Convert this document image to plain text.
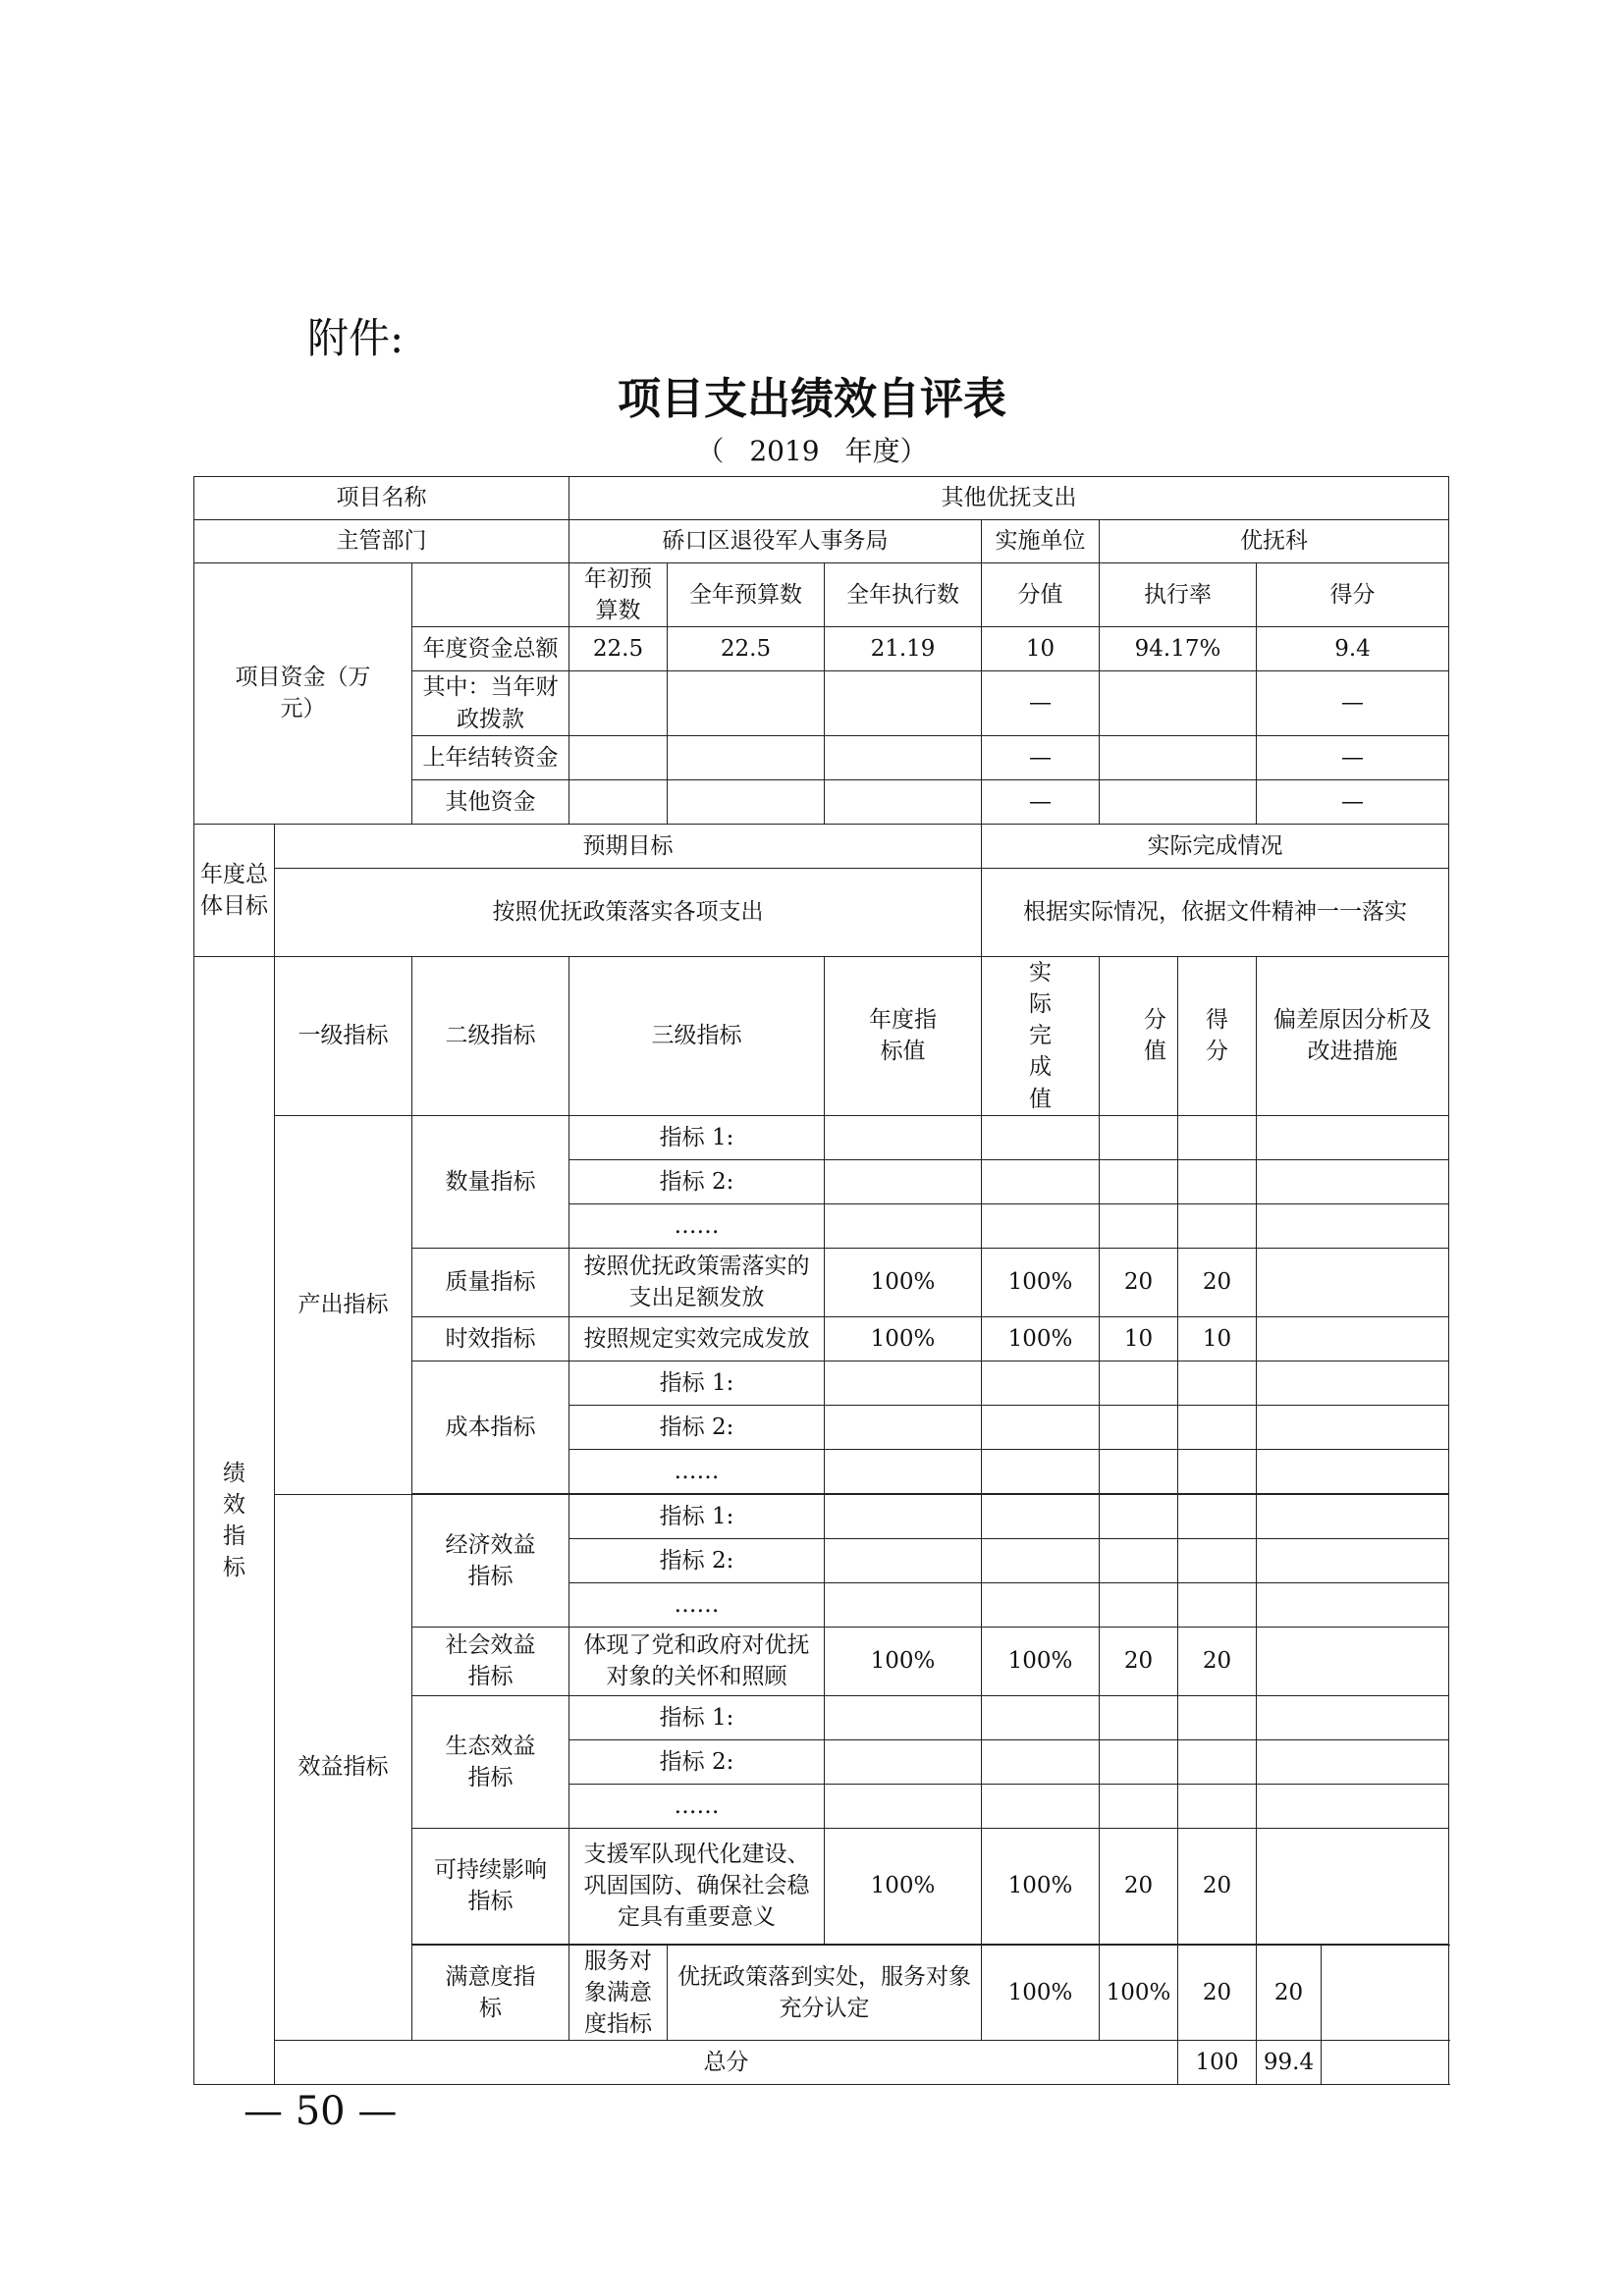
附件:
项目支出绩效自评表
（ 2019 年度）
项目名称			其他优抚支出							
主管部门			硚口区退役军人事务局			实施单位	优抚科			
项目资金（万元）			年初预算数	全年预算数	全年执行数	分值	执行率		得分	
		年度资金总额	22.5	22.5	21.19	10	94.17%		9.4	
		其中：当年财政拨款				—			—	
		上年结转资金				—			—	
		其他资金				—			—	
年度总体目标	预期目标					实际完成情况				
	按照优抚政策落实各项支出					根据实际情况，依据文件精神一一落实				
绩效指标	一级指标	二级指标	三级指标		年度指标值	实际完成值	分值	得分	偏差原因分析及改进措施	
	产出指标	数量指标	指标 1:							
			指标 2:							
			……							
		质量指标	按照优抚政策需落实的支出足额发放		100%	100%	20	20		
		时效指标	按照规定实效完成发放		100%	100%	10	10		
		成本指标	指标 1:							
			指标 2:							
			……							

	效益指标	经济效益指标	指标 1:							
			指标 2:							
			……							
		社会效益指标	体现了党和政府对优抚对象的关怀和照顾		100%	100%	20	20		
		生态效益指标	指标 1:							
			指标 2:							
			……							
		可持续影响指标	支援军队现代化建设、巩固国防、确保社会稳定具有重要意义		100%	100%	20	20		

		满意度指标	服务对象满意度指标	优抚政策落到实处，服务对象充分认定		100%	100%	20	20	
	总分							100	99.4	
— 50 —
